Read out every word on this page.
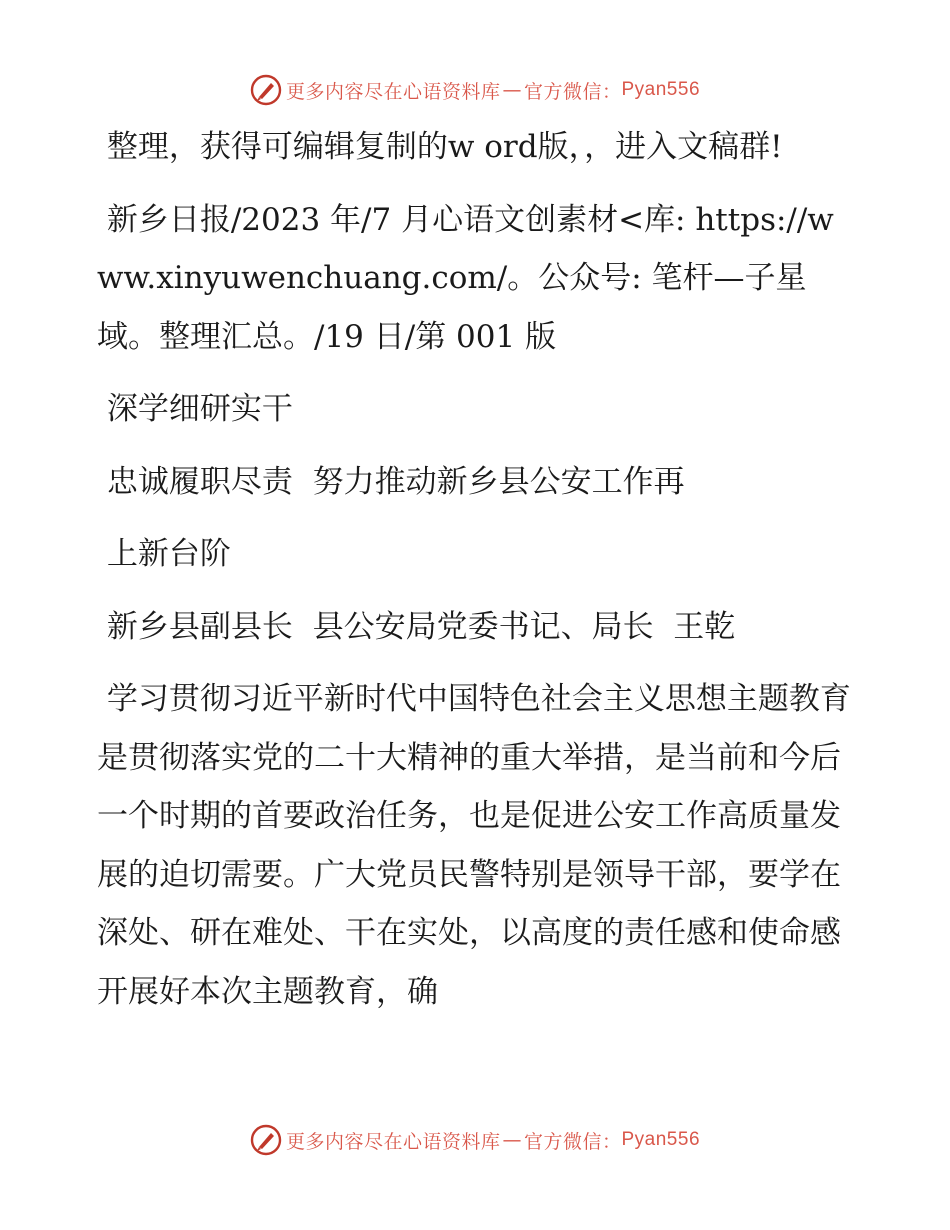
更多内容尽在心语资料库 — 官方微信： Pyan556

整理，获得可编辑复制的w ord版，，进入文稿群!

新乡日报/2023 年/7 月心语文创素材<库: https://www.xinyuwenchuang.com/。公众号: 笔杆—子星域。整理汇总。/19 日/第 001 版

深学细研实干

忠诚履职尽责  努力推动新乡县公安工作再

上新台阶

新乡县副县长  县公安局党委书记、局长  王乾

学习贯彻习近平新时代中国特色社会主义思想主题教育是贯彻落实党的二十大精神的重大举措，是当前和今后一个时期的首要政治任务，也是促进公安工作高质量发展的迫切需要。广大党员民警特别是领导干部，要学在深处、研在难处、干在实处，以高度的责任感和使命感开展好本次主题教育，确

更多内容尽在心语资料库 — 官方微信： Pyan556
